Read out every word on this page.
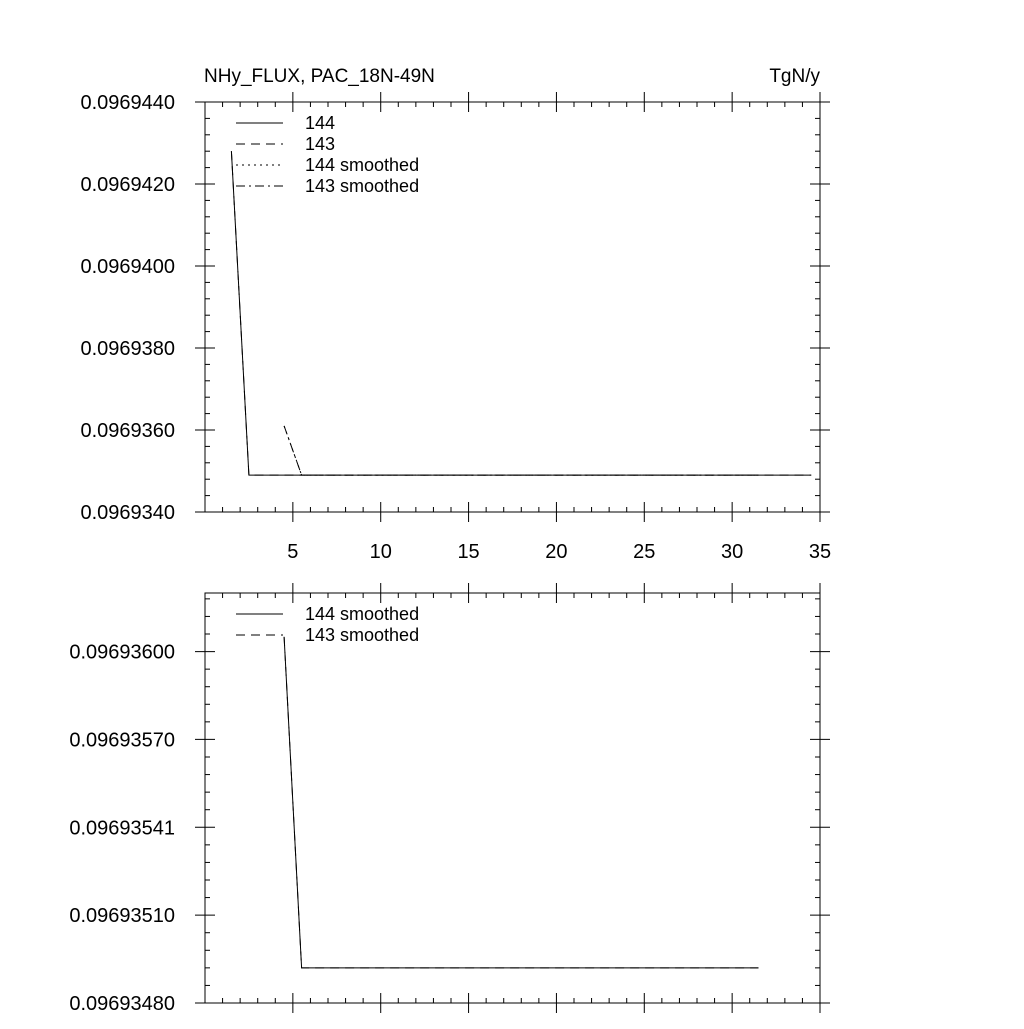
NHy_FLUX, PAC_18N-49N	TgN/y
5	10	15	20	25	30	35
0.0969440
0.0969420
0.0969400
0.0969380
0.0969360
0.0969340
144
143
144 smoothed
143 smoothed
0.09693600
0.09693570
0.09693541
0.09693510
0.09693480
144 smoothed
143 smoothed
